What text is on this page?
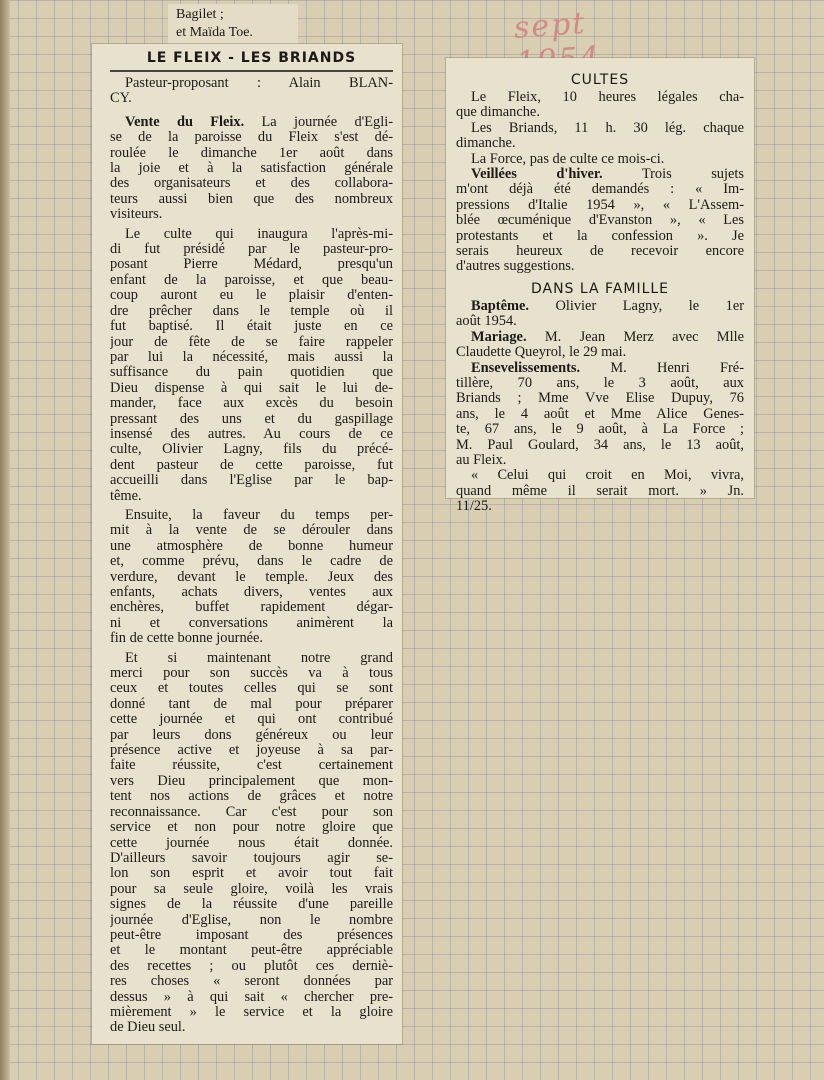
Bagilet ;
et Maïda Toe.	sept
LE FLEIX - LES BRIANDS
Pasteur-proposant : Alain BLAN-
CY.
Vente du Fleix. La journée d'Egli-
se de la paroisse du Fleix s'est dé-
roulée le dimanche 1er août dans
la joie et à la satisfaction générale
des organisateurs et des collabora-
teurs aussi bien que des nombreux
visiteurs.
Le culte qui inaugura l'après-mi-
di fut présidé par le pasteur-pro-
posant Pierre Médard, presqu'un
enfant de la paroisse, et que beau-
coup auront eu le plaisir d'enten-
dre prêcher dans le temple où il
fut baptisé. Il était juste en ce
jour de fête de se faire rappeler
par lui la nécessité, mais aussi la
suffisance du pain quotidien que
Dieu dispense à qui sait le lui de-
mander, face aux excès du besoin
pressant des uns et du gaspillage
insensé des autres. Au cours de ce
culte, Olivier Lagny, fils du précé-
dent pasteur de cette paroisse, fut
accueilli dans l'Eglise par le bap-
tême.
Ensuite, la faveur du temps per-
mit à la vente de se dérouler dans
une atmosphère de bonne humeur
et, comme prévu, dans le cadre de
verdure, devant le temple. Jeux des
enfants, achats divers, ventes aux
enchères, buffet rapidement dégar-
ni et conversations animèrent la
fin de cette bonne journée.
Et si maintenant notre grand
merci pour son succès va à tous
ceux et toutes celles qui se sont
donné tant de mal pour préparer
cette journée et qui ont contribué
par leurs dons généreux ou leur
présence active et joyeuse à sa par-
faite réussite, c'est certainement
vers Dieu principalement que mon-
tent nos actions de grâces et notre
reconnaissance. Car c'est pour son
service et non pour notre gloire que
cette journée nous était donnée.
D'ailleurs savoir toujours agir se-
lon son esprit et avoir tout fait
pour sa seule gloire, voilà les vrais
signes de la réussite d'une pareille
journée d'Eglise, non le nombre
peut-être imposant des présences
et le montant peut-être appréciable
des recettes ; ou plutôt ces derniè-
res choses « seront données par
dessus » à qui sait « chercher pre-
mièrement » le service et la gloire
de Dieu seul.
CULTES
Le Fleix, 10 heures légales cha-
que dimanche.
Les Briands, 11 h. 30 lég. chaque
dimanche.
La Force, pas de culte ce mois-ci.
Veillées d'hiver. Trois sujets
m'ont déjà été demandés : « Im-
pressions d'Italie 1954 », « L'Assem-
blée œcuménique d'Evanston », « Les
protestants et la confession ». Je
serais heureux de recevoir encore
d'autres suggestions.
DANS LA FAMILLE
Baptême. Olivier Lagny, le 1er
août 1954.
Mariage. M. Jean Merz avec Mlle
Claudette Queyrol, le 29 mai.
Ensevelissements. M. Henri Fré-
tillère, 70 ans, le 3 août, aux
Briands ; Mme Vve Elise Dupuy, 76
ans, le 4 août et Mme Alice Genes-
te, 67 ans, le 9 août, à La Force ;
M. Paul Goulard, 34 ans, le 13 août,
au Fleix.
« Celui qui croit en Moi, vivra,
quand même il serait mort. » Jn.
11/25.
